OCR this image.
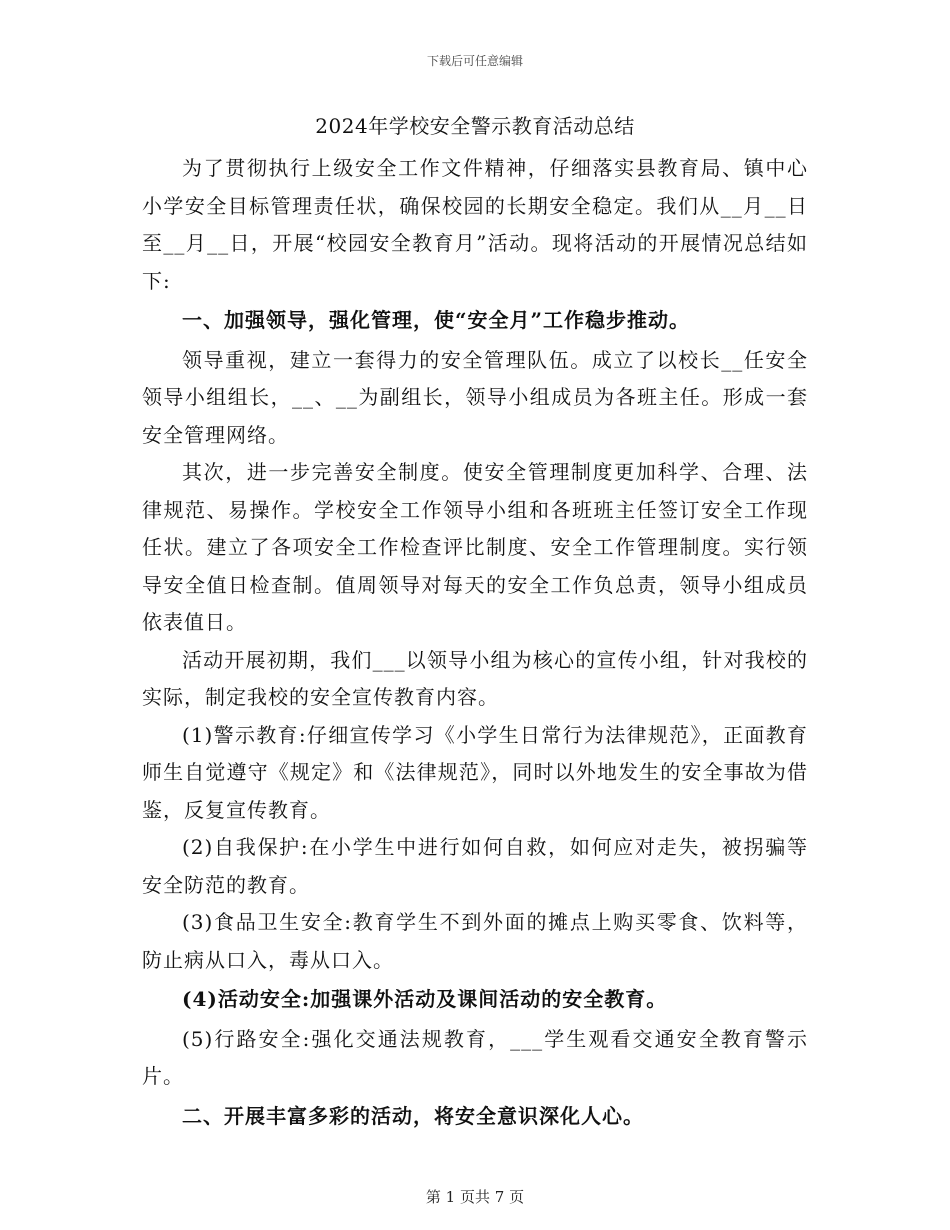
下载后可任意编辑
2024年学校安全警示教育活动总结

为了贯彻执行上级安全工作文件精神，仔细落实县教育局、镇中心小学安全目标管理责任状，确保校园的长期安全稳定。我们从__月__日至__月__日，开展“校园安全教育月”活动。现将活动的开展情况总结如下:

一、加强领导，强化管理，使“安全月”工作稳步推动。

领导重视，建立一套得力的安全管理队伍。成立了以校长__任安全领导小组组长，__、__为副组长，领导小组成员为各班主任。形成一套安全管理网络。

其次，进一步完善安全制度。使安全管理制度更加科学、合理、法律规范、易操作。学校安全工作领导小组和各班班主任签订安全工作现任状。建立了各项安全工作检查评比制度、安全工作管理制度。实行领导安全值日检查制。值周领导对每天的安全工作负总责，领导小组成员依表值日。

活动开展初期，我们___以领导小组为核心的宣传小组，针对我校的实际，制定我校的安全宣传教育内容。

(1)警示教育:仔细宣传学习《小学生日常行为法律规范》，正面教育师生自觉遵守《规定》和《法律规范》，同时以外地发生的安全事故为借鉴，反复宣传教育。

(2)自我保护:在小学生中进行如何自救，如何应对走失，被拐骗等安全防范的教育。

(3)食品卫生安全:教育学生不到外面的摊点上购买零食、饮料等，防止病从口入，毒从口入。

(4)活动安全:加强课外活动及课间活动的安全教育。

(5)行路安全:强化交通法规教育，___学生观看交通安全教育警示片。

二、开展丰富多彩的活动，将安全意识深化人心。

第 1 页共 7 页
